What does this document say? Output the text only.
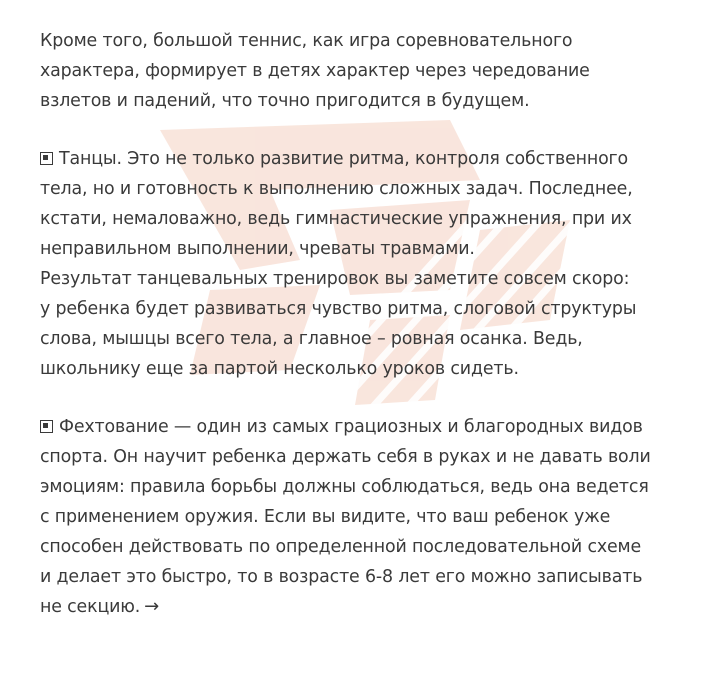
Кроме того, большой теннис, как игра соревновательного
характера, формирует в детях характер через чередование
взлетов и падений, что точно пригодится в будущем.
Танцы. Это не только развитие ритма, контроля собственного
тела, но и готовность к выполнению сложных задач. Последнее,
кстати, немаловажно, ведь гимнастические упражнения, при их
неправильном выполнении, чреваты травмами.
Результат танцевальных тренировок вы заметите совсем скоро:
у ребенка будет развиваться чувство ритма, слоговой структуры
слова, мышцы всего тела, а главное – ровная осанка. Ведь,
школьнику еще за партой несколько уроков сидеть.
Фехтование — один из самых грациозных и благородных видов
спорта. Он научит ребенка держать себя в руках и не давать воли
эмоциям: правила борьбы должны соблюдаться, ведь она ведется
с применением оружия. Если вы видите, что ваш ребенок уже
способен действовать по определенной последовательной схеме
и делает это быстро, то в возрасте 6-8 лет его можно записывать
не секцию. →
